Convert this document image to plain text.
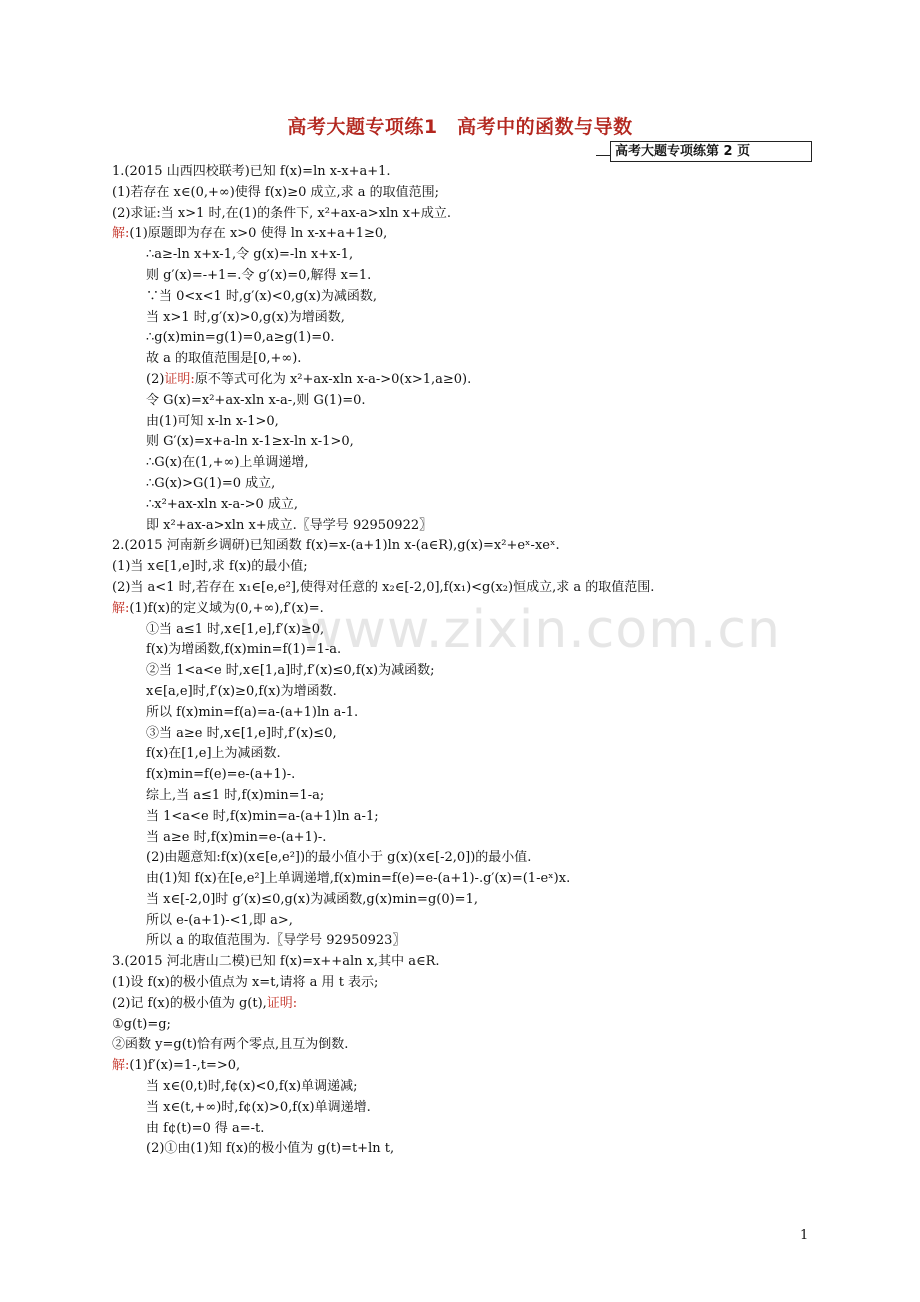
高考大题专项练1　高考中的函数与导数
高考大题专项练第 2 页
www.zixin.com.cn
1.(2015 山西四校联考)已知 f(x)=ln x-x+a+1.
(1)若存在 x∈(0,+∞)使得 f(x)≥0 成立,求 a 的取值范围;
(2)求证:当 x>1 时,在(1)的条件下, x²+ax-a>xln x+成立.
解:(1)原题即为存在 x>0 使得 ln x-x+a+1≥0,
∴a≥-ln x+x-1,令 g(x)=-ln x+x-1,
则 g′(x)=-+1=.令 g′(x)=0,解得 x=1.
∵当 0<x<1 时,g′(x)<0,g(x)为减函数,
当 x>1 时,g′(x)>0,g(x)为增函数,
∴g(x)min=g(1)=0,a≥g(1)=0.
故 a 的取值范围是[0,+∞).
(2)证明:原不等式可化为 x²+ax-xln x-a->0(x>1,a≥0).
令 G(x)=x²+ax-xln x-a-,则 G(1)=0.
由(1)可知 x-ln x-1>0,
则 G′(x)=x+a-ln x-1≥x-ln x-1>0,
∴G(x)在(1,+∞)上单调递增,
∴G(x)>G(1)=0 成立,
∴x²+ax-xln x-a->0 成立,
即 x²+ax-a>xln x+成立.〖导学号 92950922〗
2.(2015 河南新乡调研)已知函数 f(x)=x-(a+1)ln x-(a∈R),g(x)=x²+eˣ-xeˣ.
(1)当 x∈[1,e]时,求 f(x)的最小值;
(2)当 a<1 时,若存在 x₁∈[e,e²],使得对任意的 x₂∈[-2,0],f(x₁)<g(x₂)恒成立,求 a 的取值范围.
解:(1)f(x)的定义域为(0,+∞),f′(x)=.
①当 a≤1 时,x∈[1,e],f′(x)≥0,
f(x)为增函数,f(x)min=f(1)=1-a.
②当 1<a<e 时,x∈[1,a]时,f′(x)≤0,f(x)为减函数;
x∈[a,e]时,f′(x)≥0,f(x)为增函数.
所以 f(x)min=f(a)=a-(a+1)ln a-1.
③当 a≥e 时,x∈[1,e]时,f′(x)≤0,
f(x)在[1,e]上为减函数.
f(x)min=f(e)=e-(a+1)-.
综上,当 a≤1 时,f(x)min=1-a;
当 1<a<e 时,f(x)min=a-(a+1)ln a-1;
当 a≥e 时,f(x)min=e-(a+1)-.
(2)由题意知:f(x)(x∈[e,e²])的最小值小于 g(x)(x∈[-2,0])的最小值.
由(1)知 f(x)在[e,e²]上单调递增,f(x)min=f(e)=e-(a+1)-.g′(x)=(1-eˣ)x.
当 x∈[-2,0]时 g′(x)≤0,g(x)为减函数,g(x)min=g(0)=1,
所以 e-(a+1)-<1,即 a>,
所以 a 的取值范围为.〖导学号 92950923〗
3.(2015 河北唐山二模)已知 f(x)=x++aln x,其中 a∈R.
(1)设 f(x)的极小值点为 x=t,请将 a 用 t 表示;
(2)记 f(x)的极小值为 g(t),证明:
①g(t)=g;
②函数 y=g(t)恰有两个零点,且互为倒数.
解:(1)f′(x)=1-,t=>0,
当 x∈(0,t)时,f¢(x)<0,f(x)单调递减;
当 x∈(t,+∞)时,f¢(x)>0,f(x)单调递增.
由 f¢(t)=0 得 a=-t.
(2)①由(1)知 f(x)的极小值为 g(t)=t+ln t,
1
